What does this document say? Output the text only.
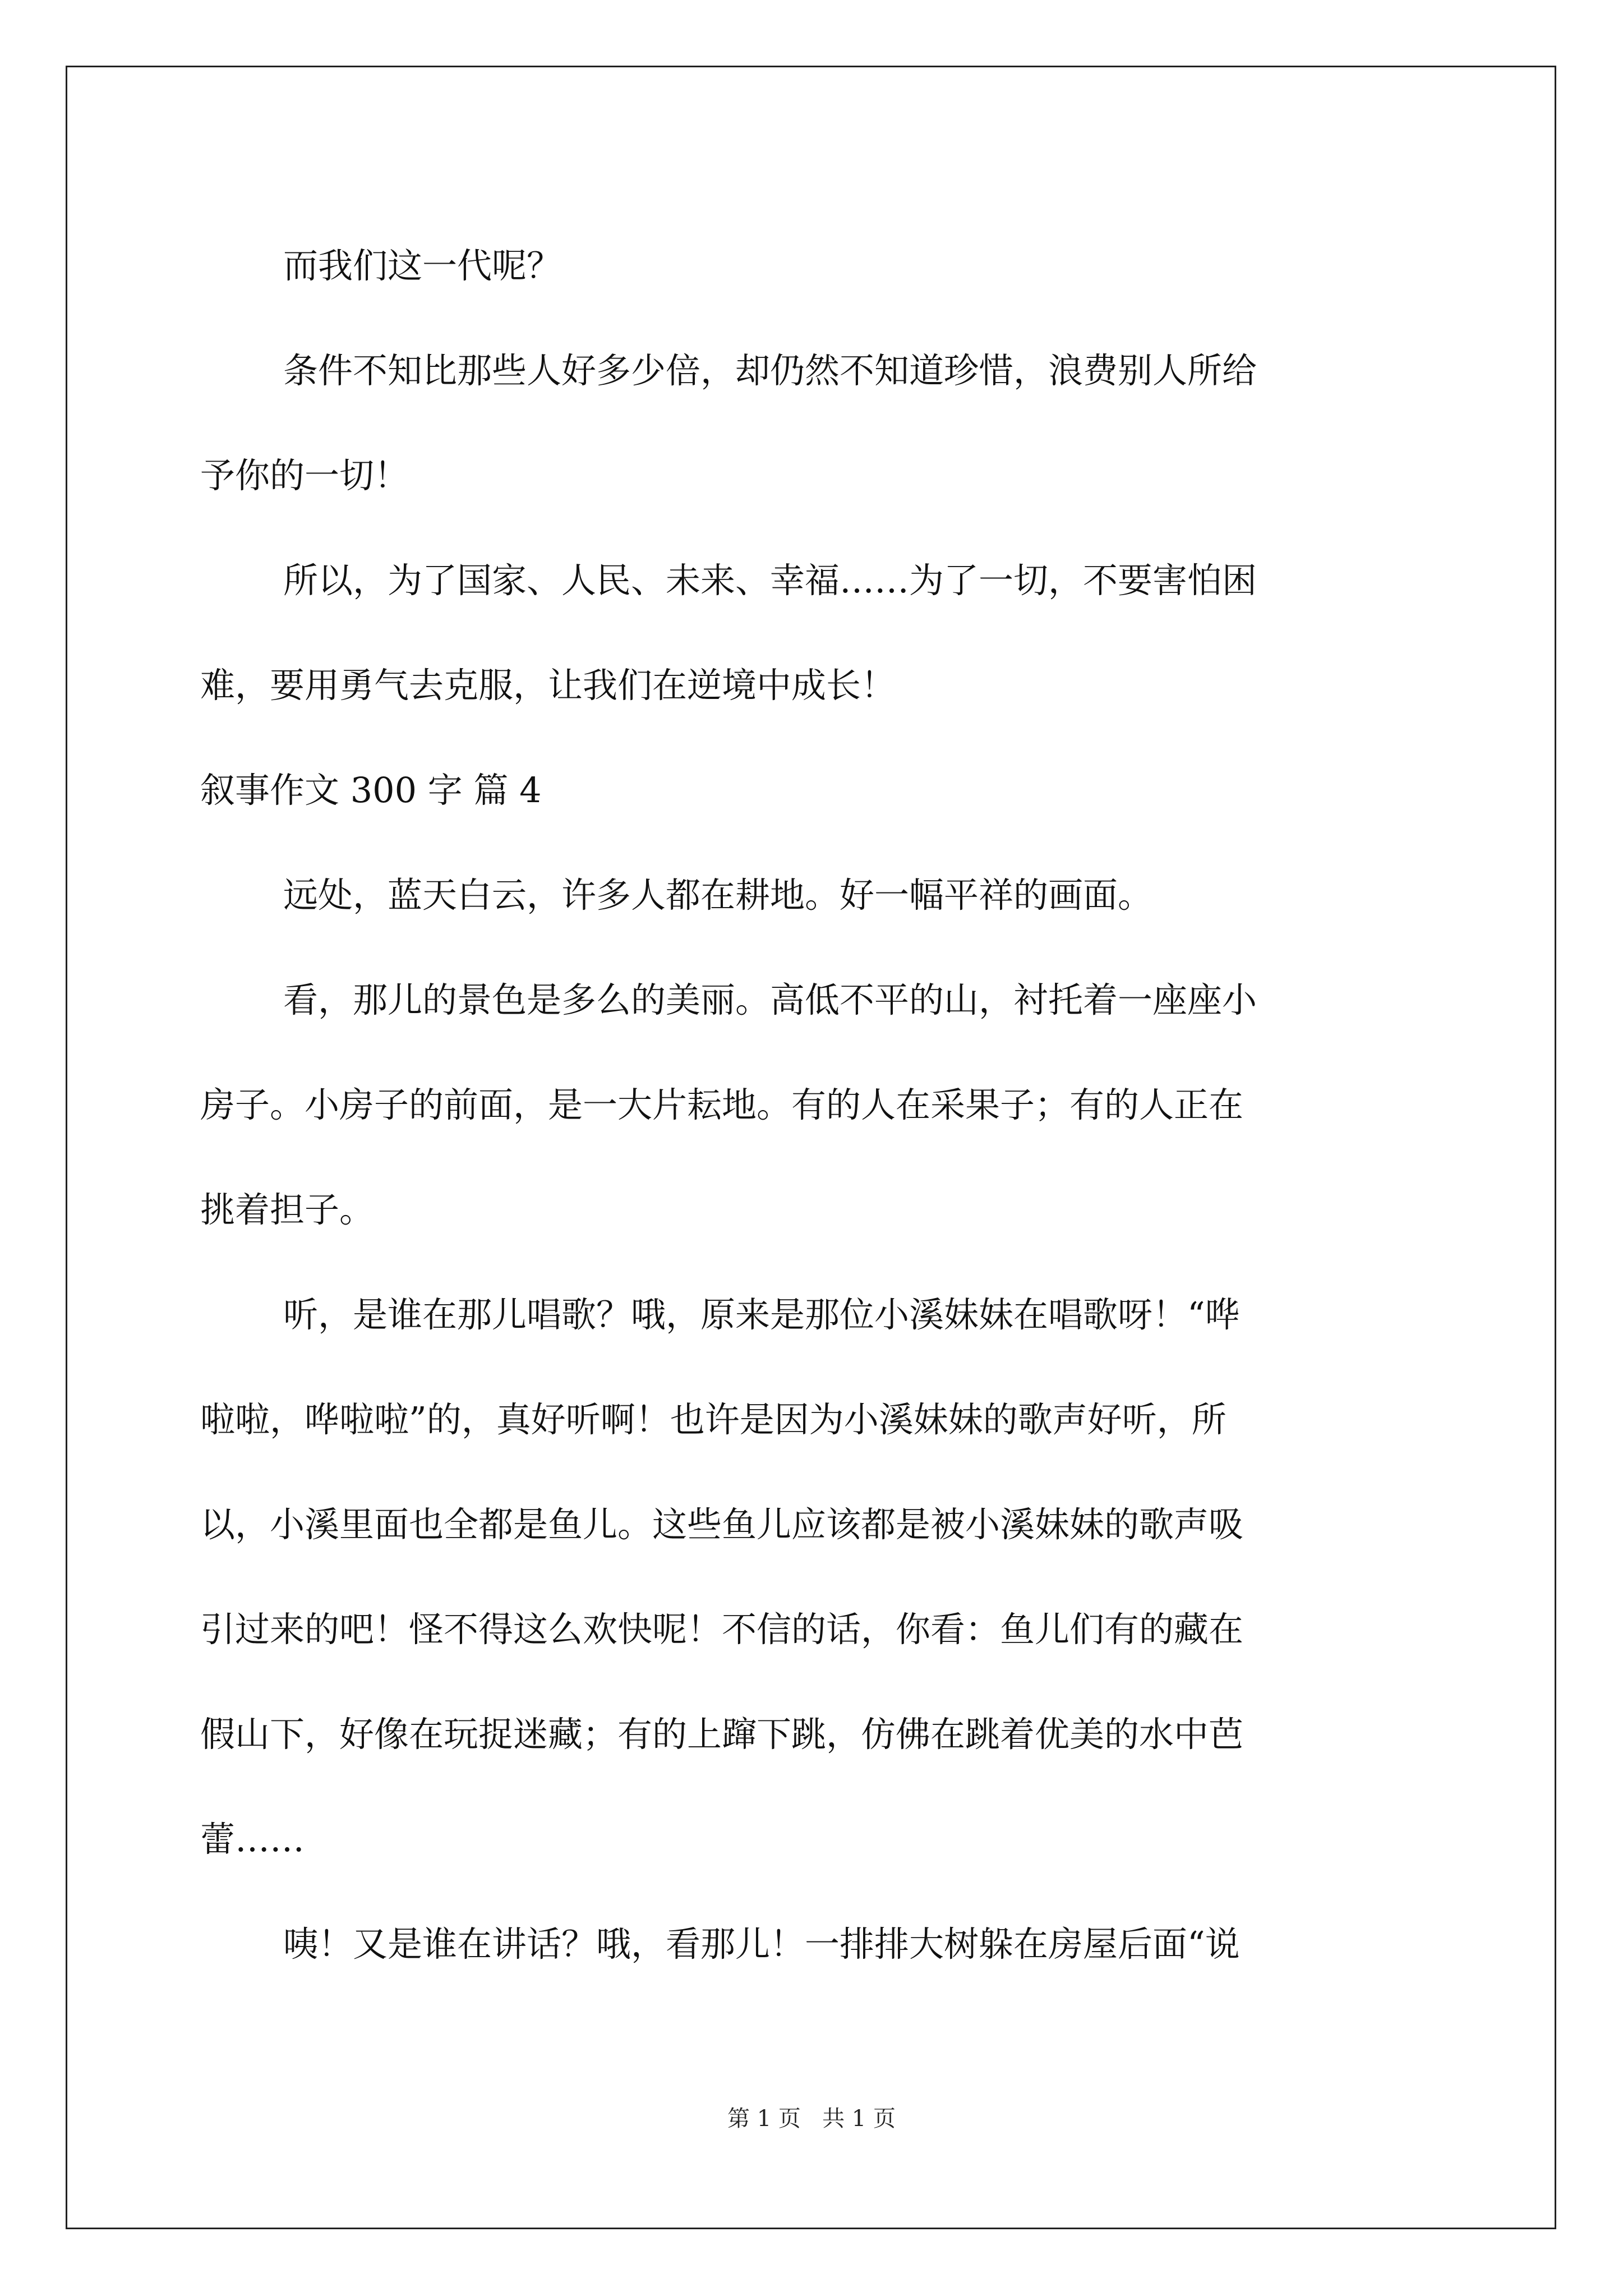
而我们这一代呢？

条件不知比那些人好多少倍，却仍然不知道珍惜，浪费别人所给

予你的一切！

所以，为了国家、人民、未来、幸福……为了一切，不要害怕困

难，要用勇气去克服，让我们在逆境中成长！

叙事作文 300 字 篇 4

远处，蓝天白云，许多人都在耕地。好一幅平祥的画面。

看，那儿的景色是多么的美丽。高低不平的山，衬托着一座座小

房子。小房子的前面，是一大片耘地。有的人在采果子；有的人正在

挑着担子。

听，是谁在那儿唱歌？哦，原来是那位小溪妹妹在唱歌呀！“哗

啦啦，哗啦啦”的，真好听啊！也许是因为小溪妹妹的歌声好听，所

以，小溪里面也全都是鱼儿。这些鱼儿应该都是被小溪妹妹的歌声吸

引过来的吧！怪不得这么欢快呢！不信的话，你看：鱼儿们有的藏在

假山下，好像在玩捉迷藏；有的上蹿下跳，仿佛在跳着优美的水中芭

蕾……

咦！又是谁在讲话？哦，看那儿！一排排大树躲在房屋后面“说

第 1 页   共 1 页
